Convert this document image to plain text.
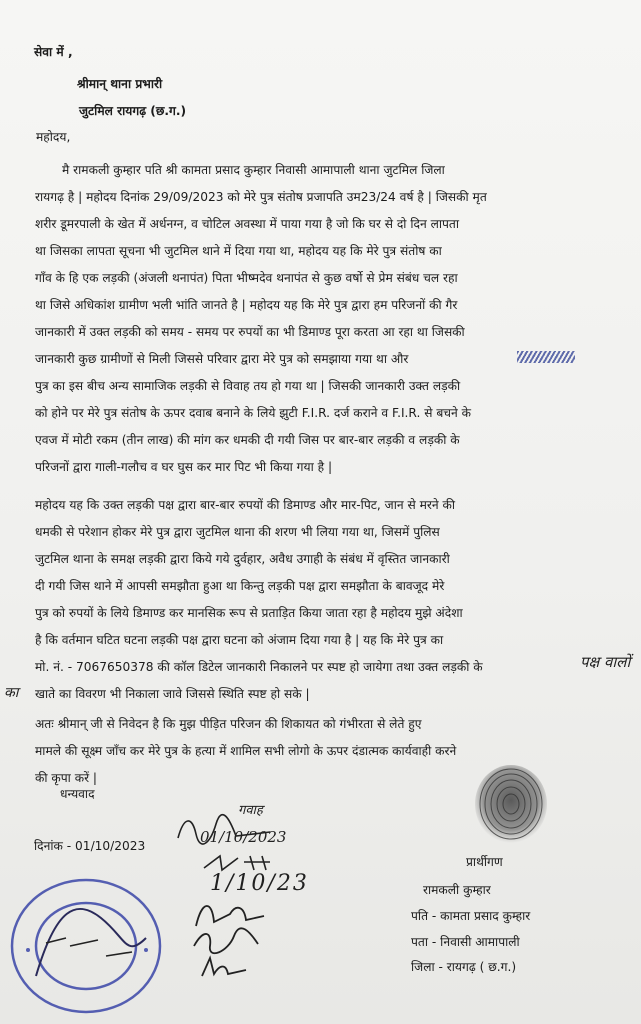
सेवा में ,
श्रीमान् थाना प्रभारी
जुटमिल रायगढ़ (छ.ग.)
महोदय,
मै रामकली कुम्हार पति श्री कामता प्रसाद कुम्हार निवासी आमापाली थाना जुटमिल जिला
रायगढ़ है | महोदय दिनांक 29/09/2023 को मेरे पुत्र संतोष प्रजापति उम23/24 वर्ष है | जिसकी मृत
शरीर डूमरपाली के खेत में अर्धनग्न, व चोटिल अवस्था में पाया गया है जो कि घर से दो दिन लापता
था जिसका लापता सूचना भी जुटमिल थाने में दिया गया था, महोदय यह कि मेरे पुत्र संतोष का
गाँव के हि एक लड़की (अंजली थनापंत) पिता भीष्मदेव थनापंत से कुछ वर्षो से प्रेम संबंध चल रहा
था जिसे अधिकांश ग्रामीण भली भांति जानते है | महोदय यह कि मेरे पुत्र द्वारा हम परिजनों की गैर
जानकारी में उक्त लड़की को समय - समय पर रुपयों का भी डिमाण्ड पूरा करता आ रहा था जिसकी
जानकारी कुछ ग्रामीणों से मिली जिससे परिवार द्वारा मेरे पुत्र को समझाया गया था और
पुत्र का इस बीच अन्य सामाजिक लड़की से विवाह तय हो गया था | जिसकी जानकारी उक्त लड़की
को होने पर मेरे पुत्र संतोष के ऊपर दवाब बनाने के लिये झुटी F.I.R. दर्ज कराने व F.I.R. से बचने के
एवज में मोटी रकम (तीन लाख) की मांग कर धमकी दी गयी जिस पर बार-बार लड़की व लड़की के
परिजनों द्वारा गाली-गलौच व घर घुस कर मार पिट भी किया गया है |
महोदय यह कि उक्त लड़की पक्ष द्वारा बार-बार रुपयों की डिमाण्ड और मार-पिट, जान से मरने की
धमकी से परेशान होकर मेरे पुत्र द्वारा जुटमिल थाना की शरण भी लिया गया था, जिसमें पुलिस
जुटमिल थाना के समक्ष लड़की द्वारा किये गये दुर्वहार, अवैध उगाही के संबंध में वृस्तित जानकारी
दी गयी जिस थाने में आपसी समझौता हुआ था किन्तु लड़की पक्ष द्वारा समझौता के बावजूद मेरे
पुत्र को रुपयों के लिये डिमाण्ड कर मानसिक रूप से प्रताड़ित किया जाता रहा है महोदय मुझे अंदेशा
है कि वर्तमान घटित घटना लड़की पक्ष द्वारा घटना को अंजाम दिया गया है | यह कि मेरे पुत्र का
मो. नं. - 7067650378 की कॉल डिटेल जानकारी निकालने पर स्पष्ट हो जायेगा तथा उक्त लड़की के	पक्ष वालों
का खाते का विवरण भी निकाला जावे जिससे स्थिति स्पष्ट हो सके |
अतः श्रीमान् जी से निवेदन है कि मुझ पीड़ित परिजन की शिकायत को गंभीरता से लेते हुए
मामले की सूक्ष्म जाँच कर मेरे पुत्र के हत्या में शामिल सभी लोगो के ऊपर दंडात्मक कार्यवाही करने
की कृपा करें |
धन्यवाद
दिनांक - 01/10/2023
गवाह
01/10/2023
1/10/23
प्रार्थीगण
रामकली कुम्हार
पति - कामता प्रसाद कुम्हार
पता - निवासी आमापाली
जिला - रायगढ़ ( छ.ग.)
